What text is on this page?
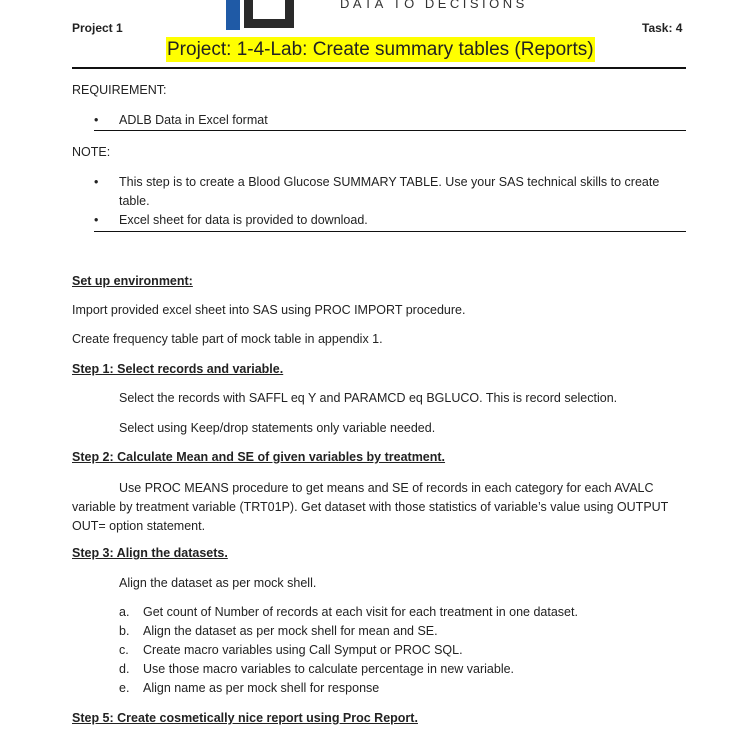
DATA TO DECISIONS
Project 1	Task: 4
Project: 1-4-Lab: Create summary tables (Reports)
REQUIREMENT:
• ADLB Data in Excel format
NOTE:
• This step is to create a Blood Glucose SUMMARY TABLE. Use your SAS technical skills to create table.
• Excel sheet for data is provided to download.
Set up environment:
Import provided excel sheet into SAS using PROC IMPORT procedure.
Create frequency table part of mock table in appendix 1.
Step 1: Select records and variable.
Select the records with SAFFL eq Y and PARAMCD eq BGLUCO. This is record selection.
Select using Keep/drop statements only variable needed.
Step 2: Calculate Mean and SE of given variables by treatment.
Use PROC MEANS procedure to get means and SE of records in each category for each AVALC variable by treatment variable (TRT01P). Get dataset with those statistics of variable’s value using OUTPUT OUT= option statement.
Step 3: Align the datasets.
Align the dataset as per mock shell.
a. Get count of Number of records at each visit for each treatment in one dataset.
b. Align the dataset as per mock shell for mean and SE.
c. Create macro variables using Call Symput or PROC SQL.
d. Use those macro variables to calculate percentage in new variable.
e. Align name as per mock shell for response
Step 5: Create cosmetically nice report using Proc Report.
